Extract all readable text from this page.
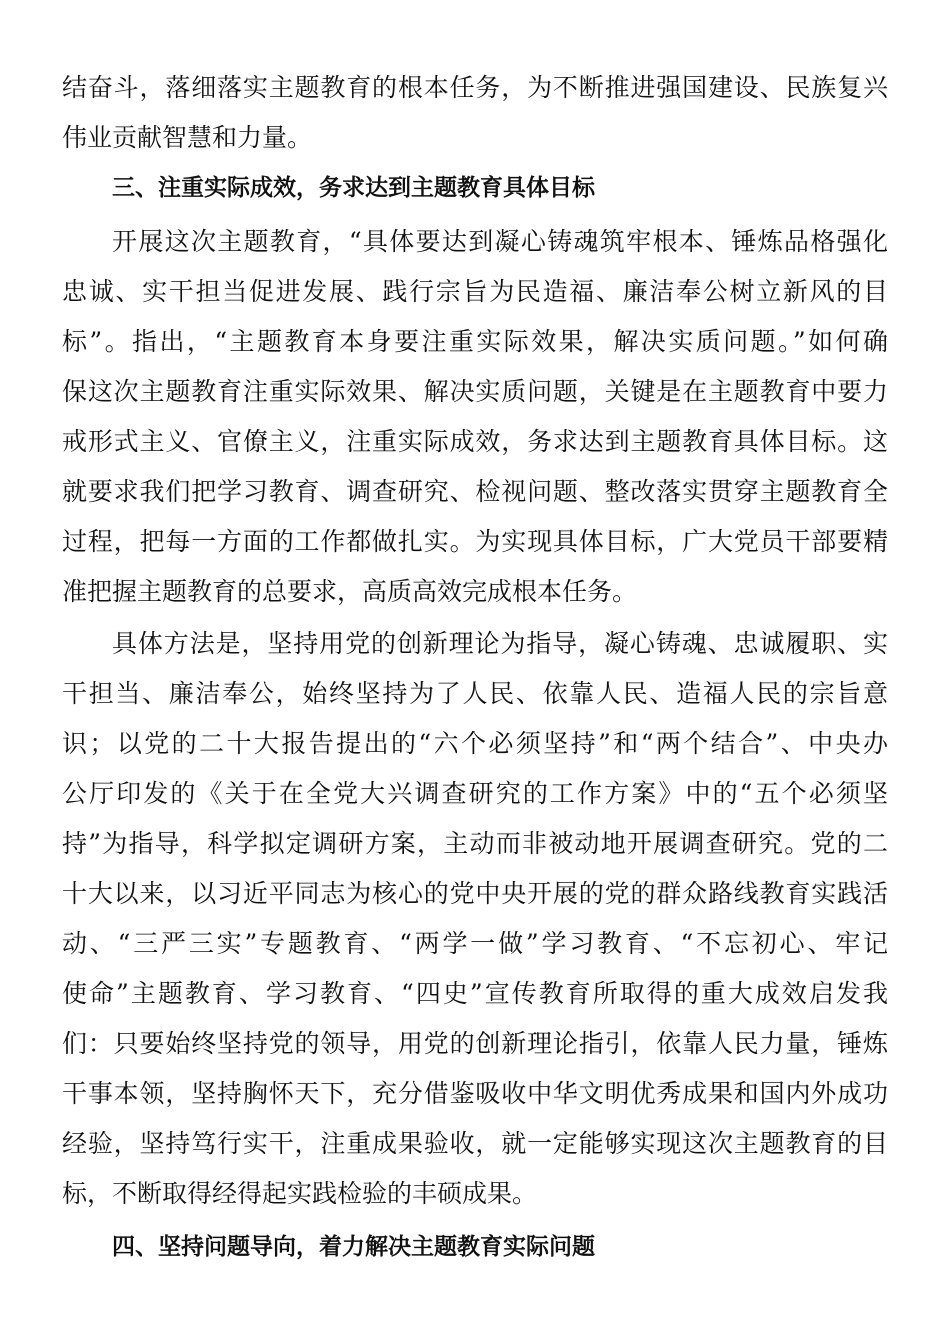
结奋斗，落细落实主题教育的根本任务，为不断推进强国建设、民族复兴
伟业贡献智慧和力量。
三、注重实际成效，务求达到主题教育具体目标
开展这次主题教育，“具体要达到凝心铸魂筑牢根本、锤炼品格强化
忠诚、实干担当促进发展、践行宗旨为民造福、廉洁奉公树立新风的目
标”。指出，“主题教育本身要注重实际效果，解决实质问题。”如何确
保这次主题教育注重实际效果、解决实质问题，关键是在主题教育中要力
戒形式主义、官僚主义，注重实际成效，务求达到主题教育具体目标。这
就要求我们把学习教育、调查研究、检视问题、整改落实贯穿主题教育全
过程，把每一方面的工作都做扎实。为实现具体目标，广大党员干部要精
准把握主题教育的总要求，高质高效完成根本任务。
具体方法是，坚持用党的创新理论为指导，凝心铸魂、忠诚履职、实
干担当、廉洁奉公，始终坚持为了人民、依靠人民、造福人民的宗旨意
识；以党的二十大报告提出的“六个必须坚持”和“两个结合”、中央办
公厅印发的《关于在全党大兴调查研究的工作方案》中的“五个必须坚
持”为指导，科学拟定调研方案，主动而非被动地开展调查研究。党的二
十大以来，以习近平同志为核心的党中央开展的党的群众路线教育实践活
动、“三严三实”专题教育、“两学一做”学习教育、“不忘初心、牢记
使命”主题教育、学习教育、“四史”宣传教育所取得的重大成效启发我
们：只要始终坚持党的领导，用党的创新理论指引，依靠人民力量，锤炼
干事本领，坚持胸怀天下，充分借鉴吸收中华文明优秀成果和国内外成功
经验，坚持笃行实干，注重成果验收，就一定能够实现这次主题教育的目
标，不断取得经得起实践检验的丰硕成果。
四、坚持问题导向，着力解决主题教育实际问题
